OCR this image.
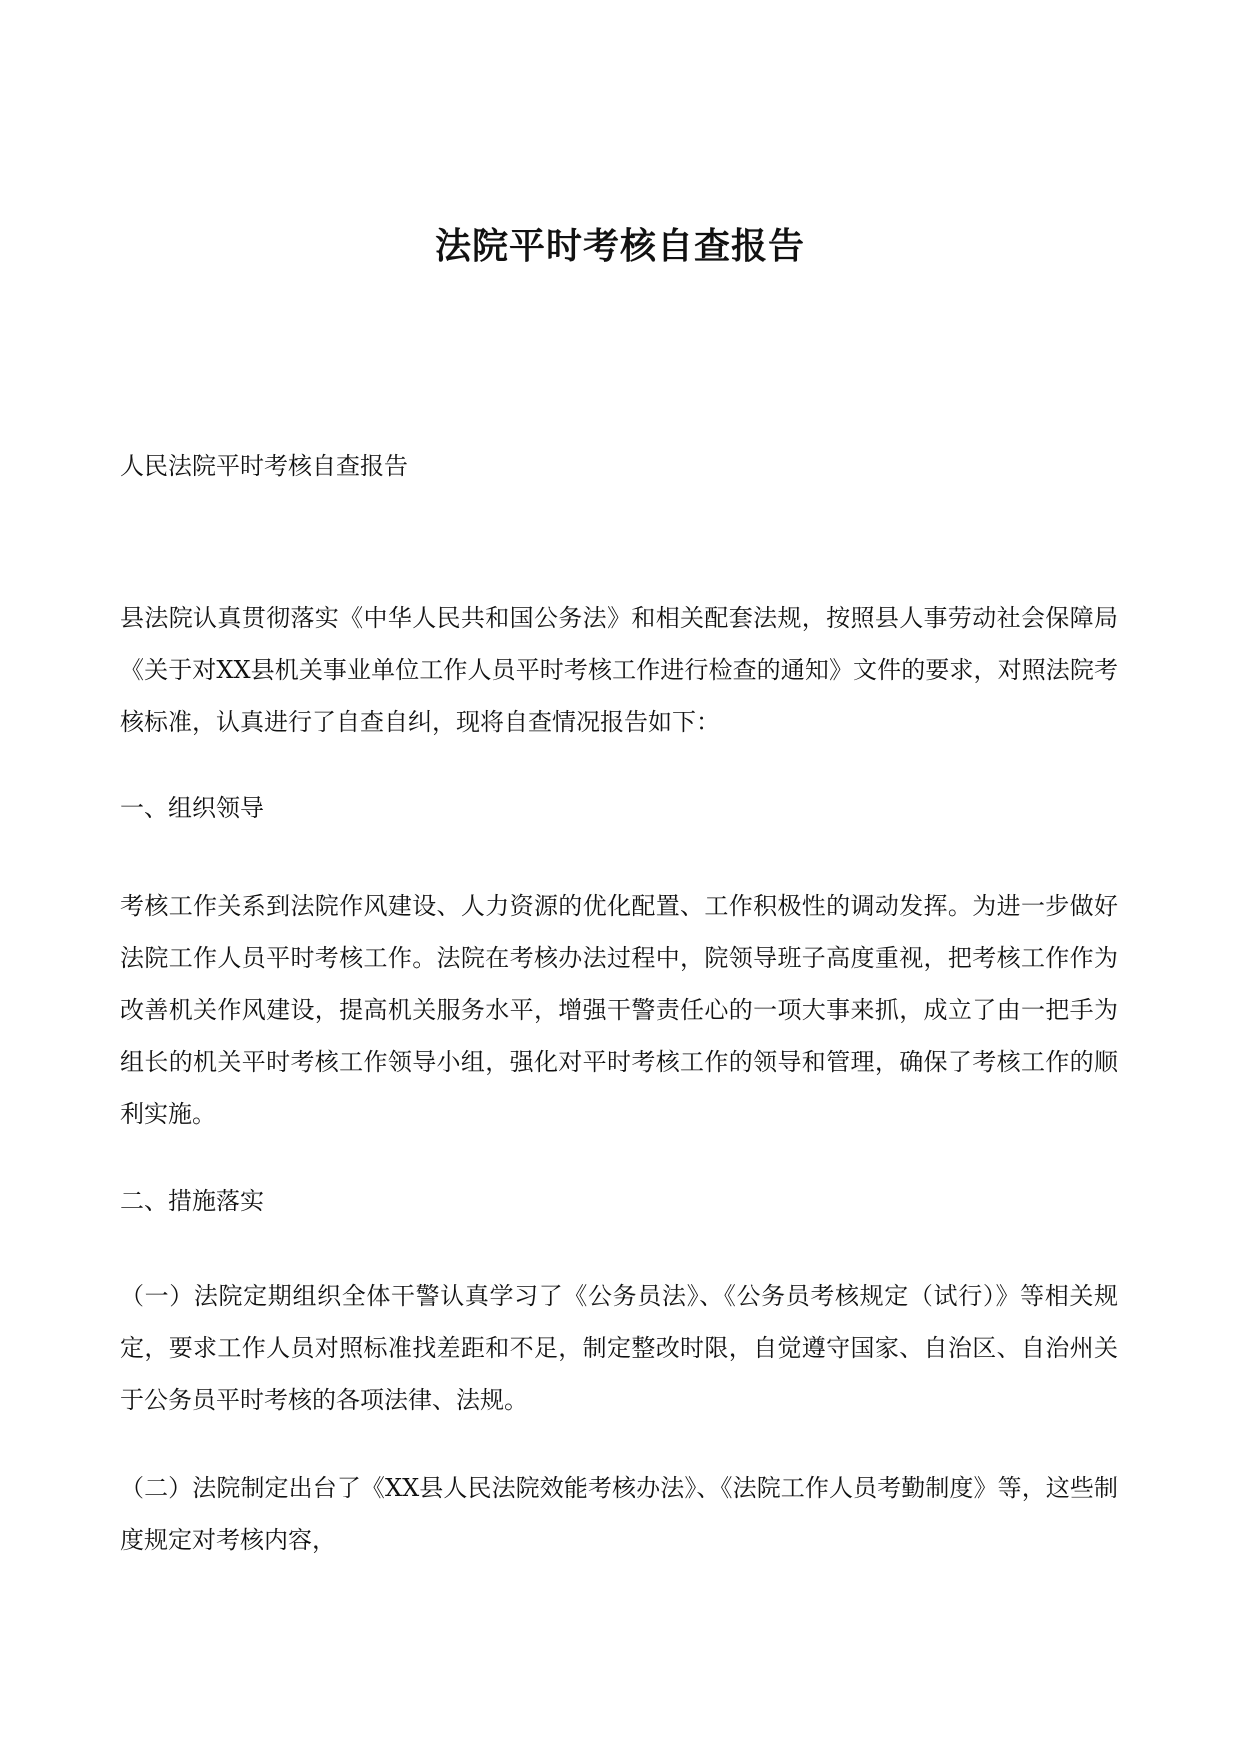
法院平时考核自查报告

人民法院平时考核自查报告

县法院认真贯彻落实《中华人民共和国公务法》和相关配套法规，按照县人事劳动社会保障局《关于对XX县机关事业单位工作人员平时考核工作进行检查的通知》文件的要求，对照法院考核标准，认真进行了自查自纠，现将自查情况报告如下：

一、组织领导

考核工作关系到法院作风建设、人力资源的优化配置、工作积极性的调动发挥。为进一步做好法院工作人员平时考核工作。法院在考核办法过程中，院领导班子高度重视，把考核工作作为改善机关作风建设，提高机关服务水平，增强干警责任心的一项大事来抓，成立了由一把手为组长的机关平时考核工作领导小组，强化对平时考核工作的领导和管理，确保了考核工作的顺利实施。

二、措施落实

（一）法院定期组织全体干警认真学习了《公务员法》、《公务员考核规定（试行）》等相关规定，要求工作人员对照标准找差距和不足，制定整改时限，自觉遵守国家、自治区、自治州关于公务员平时考核的各项法律、法规。

（二）法院制定出台了《XX县人民法院效能考核办法》、《法院工作人员考勤制度》等，这些制度规定对考核内容，
